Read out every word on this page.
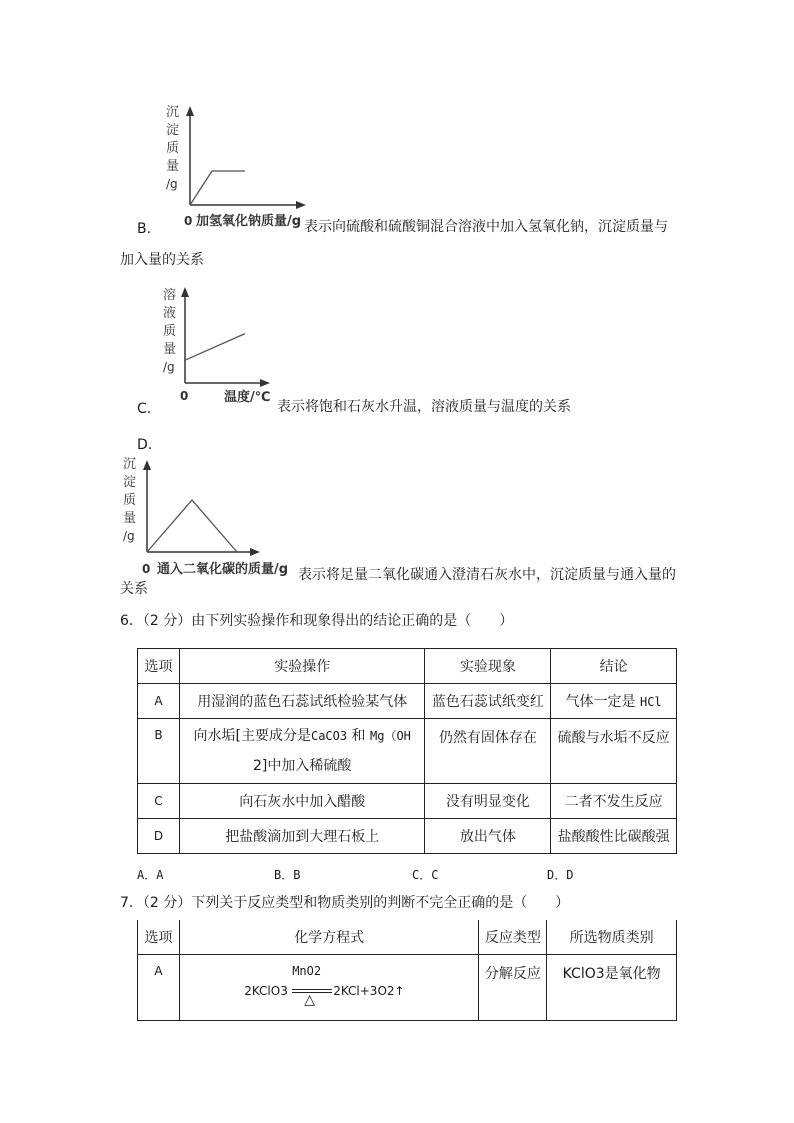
沉
淀
质
量
/g
0 加氢氧化钠质量/g
B.	表示向硫酸和硫酸铜混合溶液中加入氢氧化钠，沉淀质量与
加入量的关系
溶
液
质
量
/g
0	温度/℃
C.	表示将饱和石灰水升温，溶液质量与温度的关系
D.
沉
淀
质
量
/g
0 通入二氧化碳的质量/g 表示将足量二氧化碳通入澄清石灰水中，沉淀质量与通入量的
关系
6．（2 分）由下列实验操作和现象得出的结论正确的是（　　）
选项	实验操作	实验现象	结论
A	用湿润的蓝色石蕊试纸检验某气体	蓝色石蕊试纸变红	气体一定是 HCl
B	向水垢[主要成分是CaCO3 和 Mg（OH
2]中加入稀硫酸	仍然有固体存在	硫酸与水垢不反应
C	向石灰水中加入醋酸	没有明显变化	二者不发生反应
D	把盐酸滴加到大理石板上	放出气体	盐酸酸性比碳酸强
A．A	B．B	C．C	D．D
7．（2 分）下列关于反应类型和物质类别的判断不完全正确的是（　　）
选项	化学方程式	反应类型	所选物质类别
A	MnO2
2KClO3
△
2KCl+3O2↑	分解反应	KClO3是氧化物
